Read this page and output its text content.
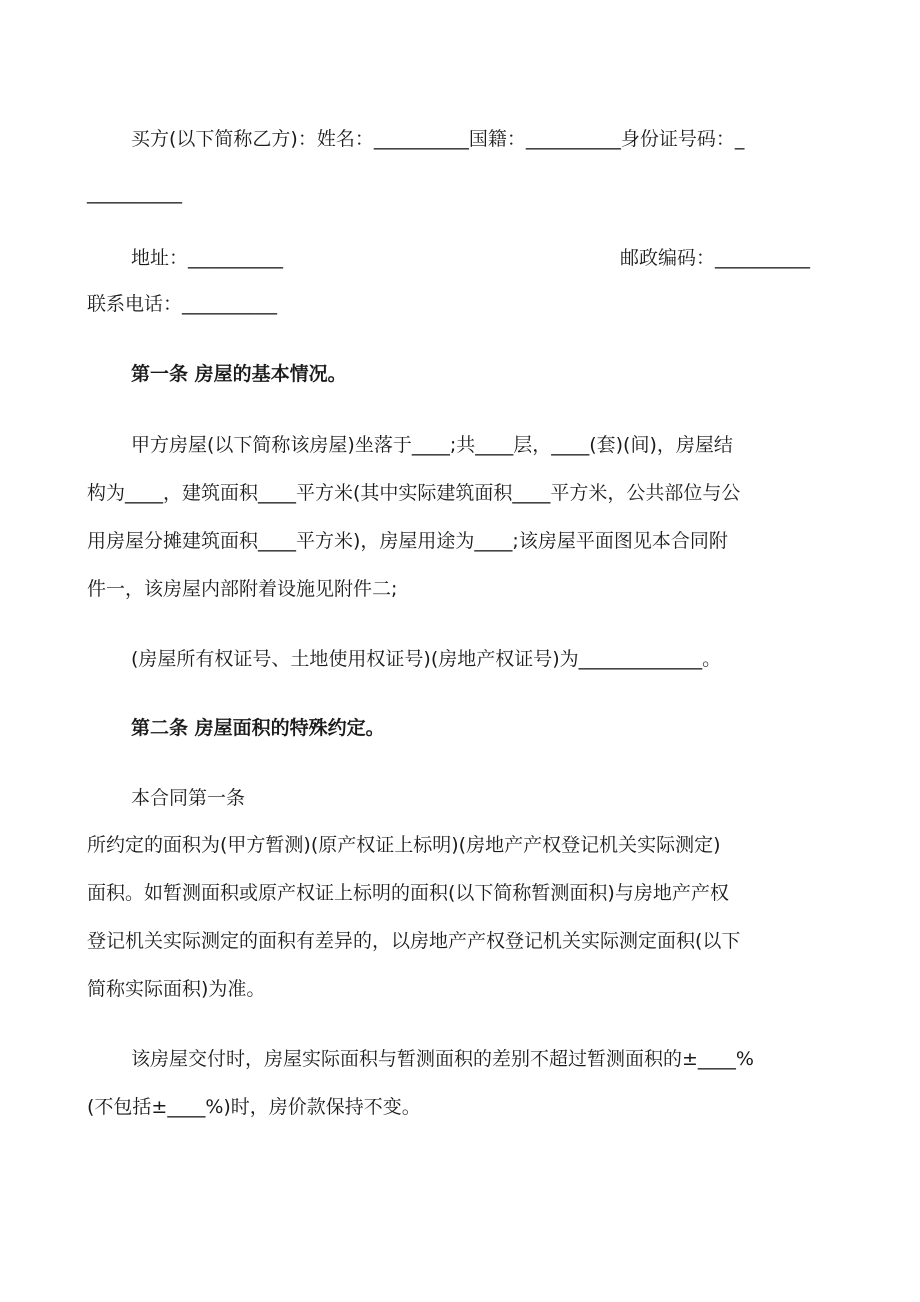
买方(以下简称乙方)：姓名：__________国籍：__________身份证号码：_
__________
地址：__________	邮政编码：__________
联系电话：__________
第一条 房屋的基本情况。
甲方房屋(以下简称该房屋)坐落于____;共____层，____(套)(间)，房屋结
构为____，建筑面积____平方米(其中实际建筑面积____平方米，公共部位与公
用房屋分摊建筑面积____平方米)，房屋用途为____;该房屋平面图见本合同附
件一，该房屋内部附着设施见附件二;
(房屋所有权证号、土地使用权证号)(房地产权证号)为_____________。
第二条 房屋面积的特殊约定。
本合同第一条
所约定的面积为(甲方暂测)(原产权证上标明)(房地产产权登记机关实际测定)
面积。如暂测面积或原产权证上标明的面积(以下简称暂测面积)与房地产产权
登记机关实际测定的面积有差异的，以房地产产权登记机关实际测定面积(以下
简称实际面积)为准。
该房屋交付时，房屋实际面积与暂测面积的差别不超过暂测面积的±____%
(不包括±____%)时，房价款保持不变。
